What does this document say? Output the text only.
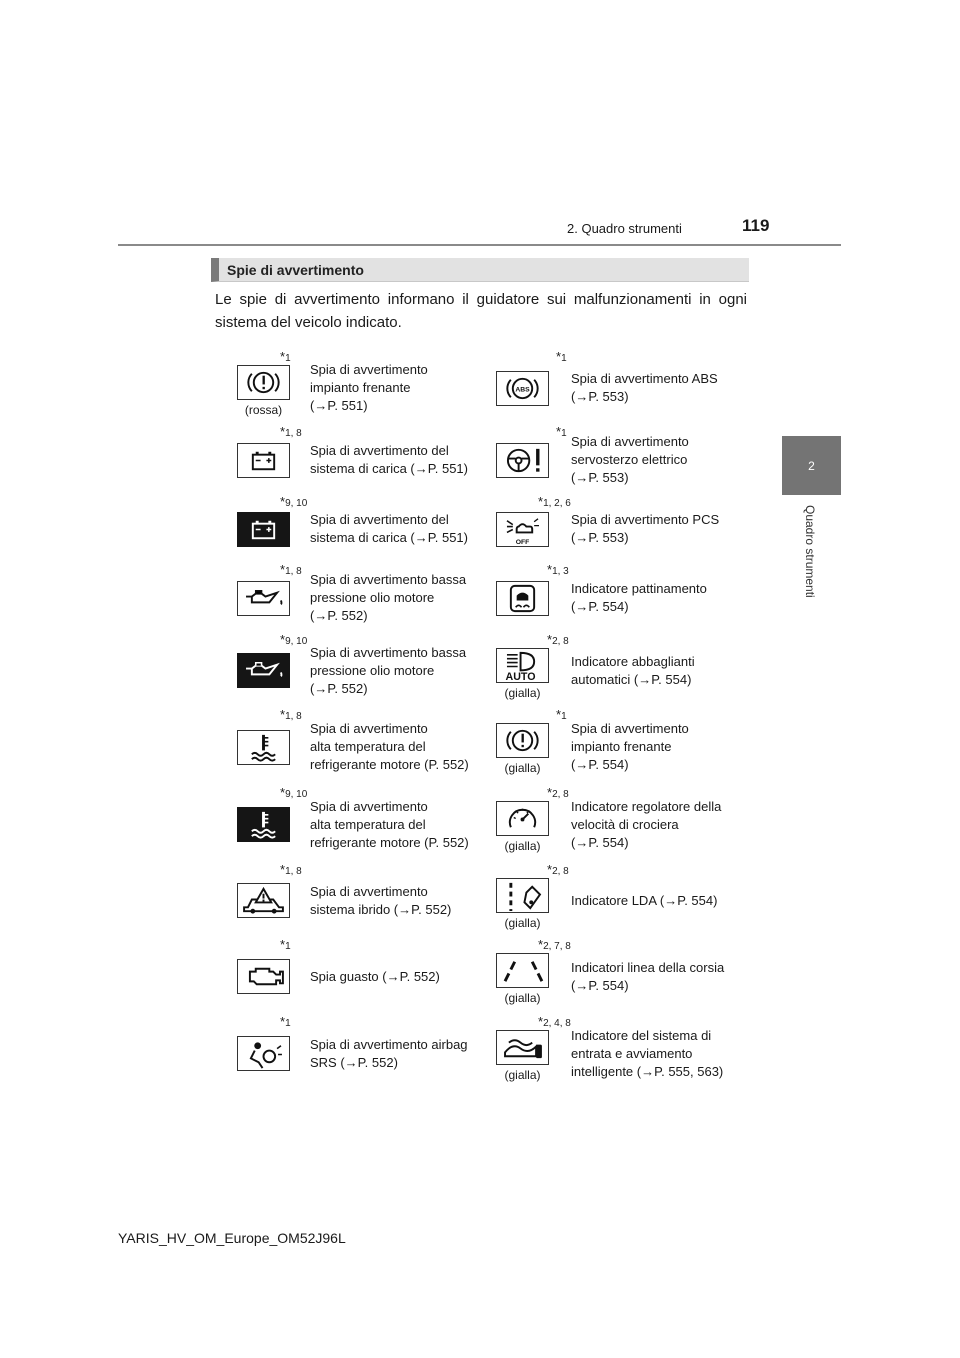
2. Quadro strumenti	119
2
Quadro strumenti
Spie di avvertimento
Le spie di avvertimento informano il guidatore sui malfunzionamenti in ogni sistema del veicolo indicato.
*1
(rossa)
Spia di avvertimento
impianto frenante
(→P. 551)
ABS
*1
Spia di avvertimento ABS
(→P. 553)
*1, 8
Spia di avvertimento del
sistema di carica (→P. 551)
*1
Spia di avvertimento
servosterzo elettrico
(→P. 553)
*9, 10
Spia di avvertimento del
sistema di carica (→P. 551)	OFF
*1, 2, 6
Spia di avvertimento PCS
(→P. 553)
*1, 8
Spia di avvertimento bassa
pressione olio motore
(→P. 552)
*1, 3
Indicatore pattinamento
(→P. 554)
*9, 10
Spia di avvertimento bassa
pressione olio motore
(→P. 552)
AUTO
*2, 8
(gialla)
Indicatore abbaglianti
automatici (→P. 554)
*1, 8
Spia di avvertimento
alta temperatura del
refrigerante motore (P. 552)
*1
(gialla)
Spia di avvertimento
impianto frenante
(→P. 554)
*9, 10
Spia di avvertimento
alta temperatura del
refrigerante motore (P. 552)
*2, 8
(gialla)
Indicatore regolatore della
velocità di crociera
(→P. 554)
*1, 8
Spia di avvertimento
sistema ibrido (→P. 552)
*2, 8
(gialla)
Indicatore LDA (→P. 554)
*1
Spia guasto (→P. 552)
*2, 7, 8
(gialla)
Indicatori linea della corsia
(→P. 554)
*1
Spia di avvertimento airbag
SRS (→P. 552)
*2, 4, 8
(gialla)
Indicatore del sistema di
entrata e avviamento
intelligente (→P. 555, 563)
YARIS_HV_OM_Europe_OM52J96L
